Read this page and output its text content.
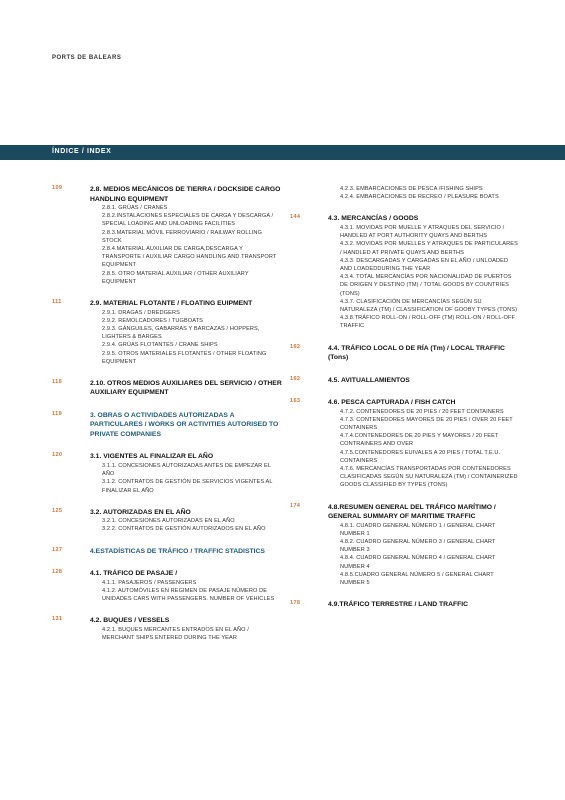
PORTS DE BALEARS
ÍNDICE / INDEX
109	2.8. MEDIOS MECÁNICOS DE TIERRA / DOCKSIDE CARGO HANDLING EQUIPMENT
2.8.1. GRÚAS / CRANES
2.8.2.INSTALACIONES ESPECIALES DE CARGA Y DESCARGA / SPECIAL LOADING AND UNLOADING FACILITIES
2.8.3.MATERIAL MÓVIL FERROVIARIO / RAILWAY ROLLING STOCK
2.8.4.MATERIAL AUXILIAR DE CARGA,DESCARGA Y TRANSPORTE / AUXILIAR CARGO HANDLING AND TRANSPORT EQUIPMENT
2.8.5. OTRO MATERIAL AUXILIAR / OTHER AUXILIARY EQUIPMENT
111	2.9. MATERIAL FLOTANTE / FLOATING EUIPMENT
2.9.1. DRAGAS / DREDGERS
2.9.2. REMOLCADORES / TUGBOATS
2.9.3. GÁNGUILES, GABARRAS Y BARCAZAS / HOPPERS, LIGHTERS & BARGES
2.9.4. GRÚAS FLOTANTES / CRANE SHIPS
2.9.5. OTROS MATERIALES FLOTANTES / OTHER FLOATING EQUIPMENT
116	2.10. OTROS MEDIOS AUXILIARES DEL SERVICIO / OTHER AUXILIARY EQUIPMENT
119	3. OBRAS O ACTIVIDADES AUTORIZADAS A PARTICULARES / WORKS OR ACTIVITIES AUTORISED TO PRIVATE COMPANIES
120	3.1. VIGENTES AL FINALIZAR EL AÑO
3.1.1. CONCESIONES AUTORIZADAS ANTES DE EMPEZAR EL AÑO
3.1.2. CONTRATOS DE GESTIÓN DE SERVICIOS VIGENTES AL FINALIZAR EL AÑO
125	3.2. AUTORIZADAS EN EL AÑO
3.2.1. CONCESIONES AUTORIZADAS EN EL AÑO
3.2.2. CONTRATOS DE GESTIÓN AUTORIZADOS EN EL AÑO
127	4.ESTADÍSTICAS DE TRÁFICO / TRAFFIC STADISTICS
128	4.1. TRÁFICO DE PASAJE /
4.1.1. PASAJEROS / PASSENGERS
4.1.2. AUTOMÓVILES EN REGIMEN DE PASAJE NÚMERO DE UNIDADES CARS WITH PASSENGERS. NUMBER OF VEHICLES
131	4.2. BUQUES / VESSELS
4.2.1. BUQUES MERCANTES ENTRADOS EN EL AÑO / MERCHANT SHIPS ENTERED DURING THE YEAR
4.2.3. EMBARCACIONES DE PESCA /FISHING SHIPS
4.2.4. EMBARCACIONES DE RECREO / PLEASURE BOATS
144	4.3. MERCANCÍAS / GOODS
4.3.1. MOVIDAS POR MUELLE Y ATRAQUES DEL SERVICIO / HANDLED AT PORT AUTHORITY QUAYS AND BERTHS
4.3.2. MOVIDAS POR MUELLES Y ATRAQUES DE PARTICULARES / HANDLED AT PRIVATE QUAYS AND BERTHS
4.3.3. DESCARGADAS Y CARGADAS EN EL AÑO / UNLOADED AND LOADEDDURING THE YEAR
4.3.4. TOTAL MERCANCÍAS POR NACIONALIDAD DE PUERTOS DE ORIGEN Y DESTINO (TM) / TOTAL GOODS BY COUNTRIES (TONS)
4.3.7. CLASIFICACIÓN DE MERCANCÍAS SEGÚN SU NATURALEZA (TM) / CLASSIFICATION OF GOOBY TYPES (TONS)
4.3.8.TRÁFICO ROLL-ON / ROLL-OFF (TM) ROLL-ON / ROLL-OFF TRAFFIC
162	4.4. TRÁFICO LOCAL O DE RÍA (Tm) / LOCAL TRAFFIC (Tons)
162	4.5. AVITUALLAMIENTOS
163	4.6. PESCA CAPTURADA / FISH CATCH
4.7.2. CONTENEDORES DE 20 PIES / 20 FEET CONTAINERS
4.7.3. CONTENEDORES MAYORES DE 20 PIES / OVER 20 FEET CONTAINERS
4.7.4.CONTENEDORES DE 20 PIES Y MAYORES / 20 FEET CONTRAINERS AND OVER
4.7.5.CONTENEDORES EUIVALES A 20 PIES / TOTAL T.E.U. CONTAINERS
4.7.6. MERCANCÍAS TRANSPORTADAS POR CONTENEDORES CLASIFICADAS SEGÚN SU NATURALEZA (TM) / CONTAINERIZED GOODS CLASSIFIED BY TYPES (TONS)
174	4.8.RESUMEN GENERAL DEL TRÁFICO MARÍTIMO / GENERAL SUMMARY OF MARITIME TRAFFIC
4.8.1. CUADRO GENERAL NÚMERO 1 / GENERAL CHART NUMBER 1
4.8.2. CUADRO GENERAL NÚMERO 3 / GENERAL CHART NUMBER 3
4.8.4. CUADRO GENERAL NÚMERO 4 / GENERAL CHART NUMBER 4
4.8.5.CUADRO GENERAL NÚMERO 5 / GENERAL CHART NUMBER 5
178	4.9.TRÁFICO TERRESTRE / LAND TRAFFIC
